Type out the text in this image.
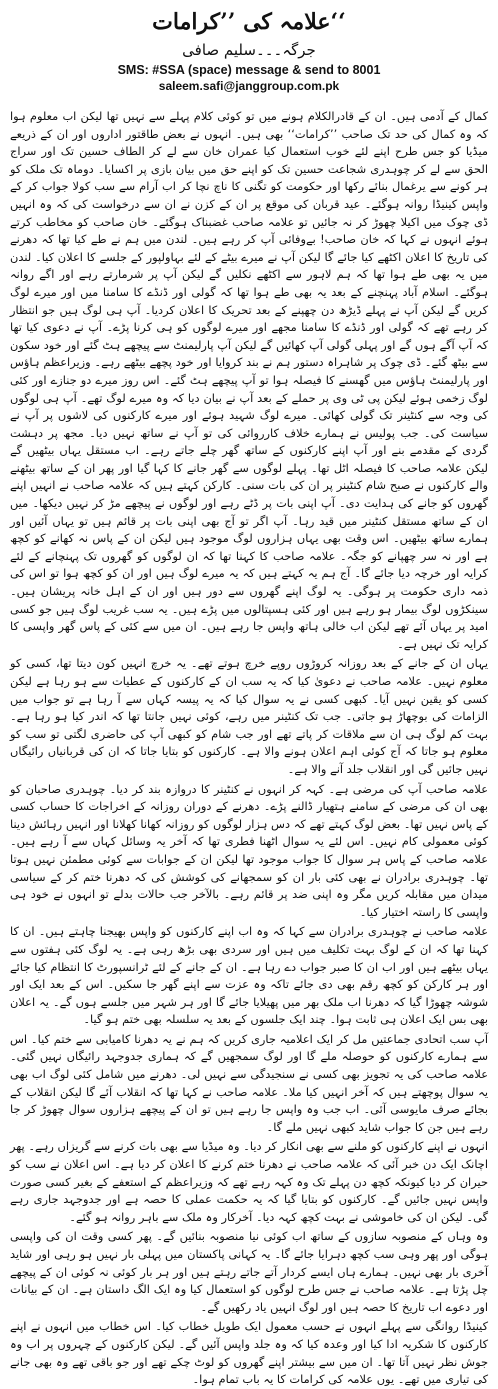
علامہ کی ’’کرامات‘‘
جرگہ۔۔۔سلیم صافی
SMS: #SSA (space) message & send to 8001
saleem.safi@janggroup.com.pk

کمال کے آدمی ہیں۔ ان کے قادرالکلام ہونے میں تو کوئی کلام پہلے سے نہیں تھا لیکن اب معلوم ہوا کہ وہ کمال کی حد تک صاحب ’’کرامات‘‘ بھی ہیں۔ انہوں نے بعض طاقتور اداروں اور ان کے ذریعے میڈیا کو جس طرح اپنے لئے خوب استعمال کیا عمران خان سے لے کر الطاف حسین تک اور سراج الحق سے لے کر چوہدری شجاعت حسین تک کو اپنے حق میں بیان بازی پر اکسایا۔ دوماہ تک ملک کو ہر کونے سے یرغمال بنائے رکھا اور حکومت کو تگنی کا ناچ نچا کر اب آرام سے سب کولا جواب کر کے واپس کینیڈا روانہ ہوگئے۔ عید قربان کی موقع پر ان کے کزن نے ان سے درخواست کی کہ وہ انہیں ڈی چوک میں اکیلا چھوڑ کر نہ جائیں تو علامہ صاحب غضبناک ہوگئے۔ خان صاحب کو مخاطب کرتے ہوئے انہوں نے کہا کہ خان صاحب! بےوفائی آپ کر رہے ہیں۔ لندن میں ہم نے طے کیا تھا کہ دھرنے کی تاریخ کا اعلان اکٹھے کیا جائے گا لیکن آپ نے میرے بیٹے کے لئے بہاولپور کے جلسے کا اعلان کیا۔ لندن میں یہ بھی طے ہوا تھا کہ ہم لاہور سے اکٹھے نکلیں گے لیکن آپ پر شرمارتے رہے اور اگے روانہ ہوگئے۔ اسلام آباد پہنچنے کے بعد یہ بھی طے ہوا تھا کہ گولی اور ڈنڈے کا سامنا میں اور میرے لوگ کریں گے لیکن آپ نے پہلے ڈیڑھ دن چھپنے کے بعد تحریک کا اعلان کردیا۔ آپ ہی لوگ ہیں جو انتظار کر رہے تھے کہ گولی اور ڈنڈے کا سامنا مجھے اور میرے لوگوں کو ہی کرنا پڑے۔ آپ نے دعوی کیا تھا کہ آپ آگے ہوں گے اور پہلی گولی آپ کھائیں گے لیکن آپ پارلیمنٹ سے پیچھے ہٹ گئے اور خود سکون سے بیٹھ گئے۔ ڈی چوک پر شاہراہ دستور ہم نے بند کروایا اور خود پچھے بیٹھے رہے۔ وزیراعظم ہاؤس اور پارلیمنٹ ہاؤس میں گھسنے کا فیصلہ ہوا تو آپ پیچھے ہٹ گئے۔ اس روز میرے دو جنازے اور کئی لوگ زخمی ہوئے لیکن پی ٹی وی پر حملے کے بعد آپ نے بیان دیا کہ وہ میرے لوگ تھے۔ آپ ہی لوگوں کی وجہ سے کنٹینر تک گولی کھائی۔ میرے لوگ شہید ہوئے اور میرے کارکنوں کی لاشوں پر آپ نے سیاست کی۔ جب پولیس نے ہمارے خلاف کارروائی کی تو آپ نے ساتھ نہیں دیا۔ مجھ پر دہشت گردی کے مقدمے بنے اور آپ اپنے کارکنوں کے ساتھ گھر چلے جاتے رہے۔ اب مستقل یہاں بیٹھیں گے لیکن علامہ صاحب کا فیصلہ اٹل تھا۔ پہلے لوگوں سے گھر جانے کا کہا گیا اور پھر ان کے ساتھ بیٹھنے والے کارکنوں نے صبح شام کنٹینر پر ان کی بات سنی۔ کارکن کہتے ہیں کہ علامہ صاحب نے انہیں اپنے گھروں کو جانے کی ہدایت دی۔ آپ اپنی بات پر ڈٹے رہے اور لوگوں نے پیچھے مڑ کر نہیں دیکھا۔ میں ان کے ساتھ مستقل کنٹینر میں قید رہا۔ آپ اگر تو آج بھی اپنی بات پر قائم ہیں تو یہاں آئیں اور ہمارے ساتھ بیٹھیں۔ اس وقت بھی یہاں ہزاروں لوگ موجود ہیں لیکن ان کے پاس نہ کھانے کو کچھ ہے اور نہ سر چھپانے کو جگہ۔ علامہ صاحب کا کہنا تھا کہ ان لوگوں کو گھروں تک پہنچانے کے لئے کرایہ اور خرچہ دیا جائے گا۔ آج ہم یہ کہتے ہیں کہ یہ میرے لوگ ہیں اور ان کو کچھ ہوا تو اس کی ذمہ داری حکومت پر ہوگی۔ یہ لوگ اپنے گھروں سے دور ہیں اور ان کے اہل خانہ پریشان ہیں۔ سینکڑوں لوگ بیمار ہو رہے ہیں اور کئی ہسپتالوں میں پڑے ہیں۔ یہ سب غریب لوگ ہیں جو کسی امید پر یہاں آئے تھے لیکن اب خالی ہاتھ واپس جا رہے ہیں۔ ان میں سے کئی کے پاس گھر واپسی کا کرایہ تک نہیں ہے۔

یہاں ان کے جانے کے بعد روزانہ کروڑوں روپے خرچ ہوتے تھے۔ یہ خرچ انہیں کون دیتا تھا، کسی کو معلوم نہیں۔ علامہ صاحب نے دعویٰ کیا کہ یہ سب ان کے کارکنوں کے عطیات سے ہو رہا ہے لیکن کسی کو یقین نہیں آیا۔ کبھی کسی نے یہ سوال کیا کہ یہ پیسہ کہاں سے آ رہا ہے تو جواب میں الزامات کی بوچھاڑ ہو جاتی۔ جب تک کنٹینر میں رہے، کوئی نہیں جانتا تھا کہ اندر کیا ہو رہا ہے۔ بہت کم لوگ ہی ان سے ملاقات کر پاتے تھے اور جب شام کو کبھی آپ کی حاضری لگتی تو سب کو معلوم ہو جاتا کہ آج کوئی اہم اعلان ہونے والا ہے۔ کارکنوں کو بتایا جاتا کہ ان کی قربانیاں رائیگاں نہیں جائیں گی اور انقلاب جلد آنے والا ہے۔

علامہ صاحب آپ کی مرضی ہے۔ کہہ کر انہوں نے کنٹینر کا دروازہ بند کر دیا۔ چوہدری صاحبان کو بھی ان کی مرضی کے سامنے ہتھیار ڈالنے پڑے۔ دھرنے کے دوران روزانہ کے اخراجات کا حساب کسی کے پاس نہیں تھا۔ بعض لوگ کہتے تھے کہ دس ہزار لوگوں کو روزانہ کھانا کھلانا اور انہیں رہائش دینا کوئی معمولی کام نہیں۔ اس لئے یہ سوال اٹھنا فطری تھا کہ آخر یہ وسائل کہاں سے آ رہے ہیں۔ علامہ صاحب کے پاس ہر سوال کا جواب موجود تھا لیکن ان کے جوابات سے کوئی مطمئن نہیں ہوتا تھا۔ چوہدری برادران نے بھی کئی بار ان کو سمجھانے کی کوشش کی کہ دھرنا ختم کر کے سیاسی میدان میں مقابلہ کریں مگر وہ اپنی ضد پر قائم رہے۔ بالآخر جب حالات بدلے تو انہوں نے خود ہی واپسی کا راستہ اختیار کیا۔

علامہ صاحب نے چوہدری برادران سے کہا کہ وہ اب اپنے کارکنوں کو واپس بھیجنا چاہتے ہیں۔ ان کا کہنا تھا کہ ان کے لوگ بہت تکلیف میں ہیں اور سردی بھی بڑھ رہی ہے۔ یہ لوگ کئی ہفتوں سے یہاں بیٹھے ہیں اور اب ان کا صبر جواب دے رہا ہے۔ ان کے جانے کے لئے ٹرانسپورٹ کا انتظام کیا جائے اور ہر کارکن کو کچھ رقم بھی دی جائے تاکہ وہ عزت سے اپنے گھر جا سکیں۔ اس کے بعد ایک اور شوشہ چھوڑا گیا کہ دھرنا اب ملک بھر میں پھیلایا جائے گا اور ہر شہر میں جلسے ہوں گے۔ یہ اعلان بھی بس ایک اعلان ہی ثابت ہوا۔ چند ایک جلسوں کے بعد یہ سلسلہ بھی ختم ہو گیا۔

آپ سب اتحادی جماعتیں مل کر ایک اعلامیہ جاری کریں کہ ہم نے یہ دھرنا کامیابی سے ختم کیا۔ اس سے ہمارے کارکنوں کو حوصلہ ملے گا اور لوگ سمجھیں گے کہ ہماری جدوجہد رائیگاں نہیں گئی۔ علامہ صاحب کی یہ تجویز بھی کسی نے سنجیدگی سے نہیں لی۔ دھرنے میں شامل کئی لوگ اب بھی یہ سوال پوچھتے ہیں کہ آخر انہیں کیا ملا۔ علامہ صاحب نے کہا تھا کہ انقلاب آئے گا لیکن انقلاب کے بجائے صرف مایوسی آئی۔ اب جب وہ واپس جا رہے ہیں تو ان کے پیچھے ہزاروں سوال چھوڑ کر جا رہے ہیں جن کا جواب شاید کبھی نہیں ملے گا۔

انہوں نے اپنے کارکنوں کو ملنے سے بھی انکار کر دیا۔ وہ میڈیا سے بھی بات کرنے سے گریزاں رہے۔ پھر اچانک ایک دن خبر آئی کہ علامہ صاحب نے دھرنا ختم کرنے کا اعلان کر دیا ہے۔ اس اعلان نے سب کو حیران کر دیا کیونکہ کچھ دن پہلے تک وہ کہہ رہے تھے کہ وزیراعظم کے استعفے کے بغیر کسی صورت واپس نہیں جائیں گے۔ کارکنوں کو بتایا گیا کہ یہ حکمت عملی کا حصہ ہے اور جدوجہد جاری رہے گی۔ لیکن ان کی خاموشی نے بہت کچھ کہہ دیا۔ آخرکار وہ ملک سے باہر روانہ ہو گئے۔

وہ وہاں کے منصوبہ سازوں کے ساتھ اب کوئی نیا منصوبہ بنائیں گے۔ پھر کسی وقت ان کی واپسی ہوگی اور پھر وہی سب کچھ دہرایا جائے گا۔ یہ کہانی پاکستان میں پہلی بار نہیں ہو رہی اور شاید آخری بار بھی نہیں۔ ہمارے ہاں ایسے کردار آتے جاتے رہتے ہیں اور ہر بار کوئی نہ کوئی ان کے پیچھے چل پڑتا ہے۔ علامہ صاحب نے جس طرح لوگوں کو استعمال کیا وہ ایک الگ داستان ہے۔ ان کے بیانات اور دعوے اب تاریخ کا حصہ ہیں اور لوگ انہیں یاد رکھیں گے۔

کینیڈا روانگی سے پہلے انہوں نے حسب معمول ایک طویل خطاب کیا۔ اس خطاب میں انہوں نے اپنے کارکنوں کا شکریہ ادا کیا اور وعدہ کیا کہ وہ جلد واپس آئیں گے۔ لیکن کارکنوں کے چہروں پر اب وہ جوش نظر نہیں آتا تھا۔ ان میں سے بیشتر اپنے گھروں کو لوٹ چکے تھے اور جو باقی تھے وہ بھی جانے کی تیاری میں تھے۔ یوں علامہ کی کرامات کا یہ باب تمام ہوا۔
